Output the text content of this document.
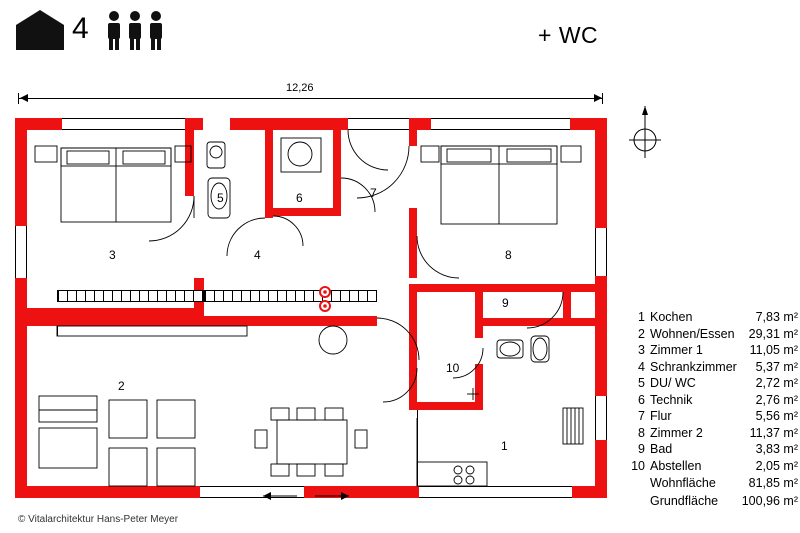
4	+ WC
12,26
3
5	6	7
4	8
9
10
2
1
1 Kochen	7,83 m²
2 Wohnen/Essen	29,31 m²
3 Zimmer 1	11,05 m²
4 Schrankzimmer	5,37 m²
5 DU/ WC	2,72 m²
6 Technik	2,76 m²
7 Flur	5,56 m²
8 Zimmer 2	11,37 m²
9 Bad	3,83 m²
10 Abstellen	2,05 m²
Wohnfläche	81,85 m²
Grundfläche	100,96 m²
© Vitalarchitektur Hans-Peter Meyer
